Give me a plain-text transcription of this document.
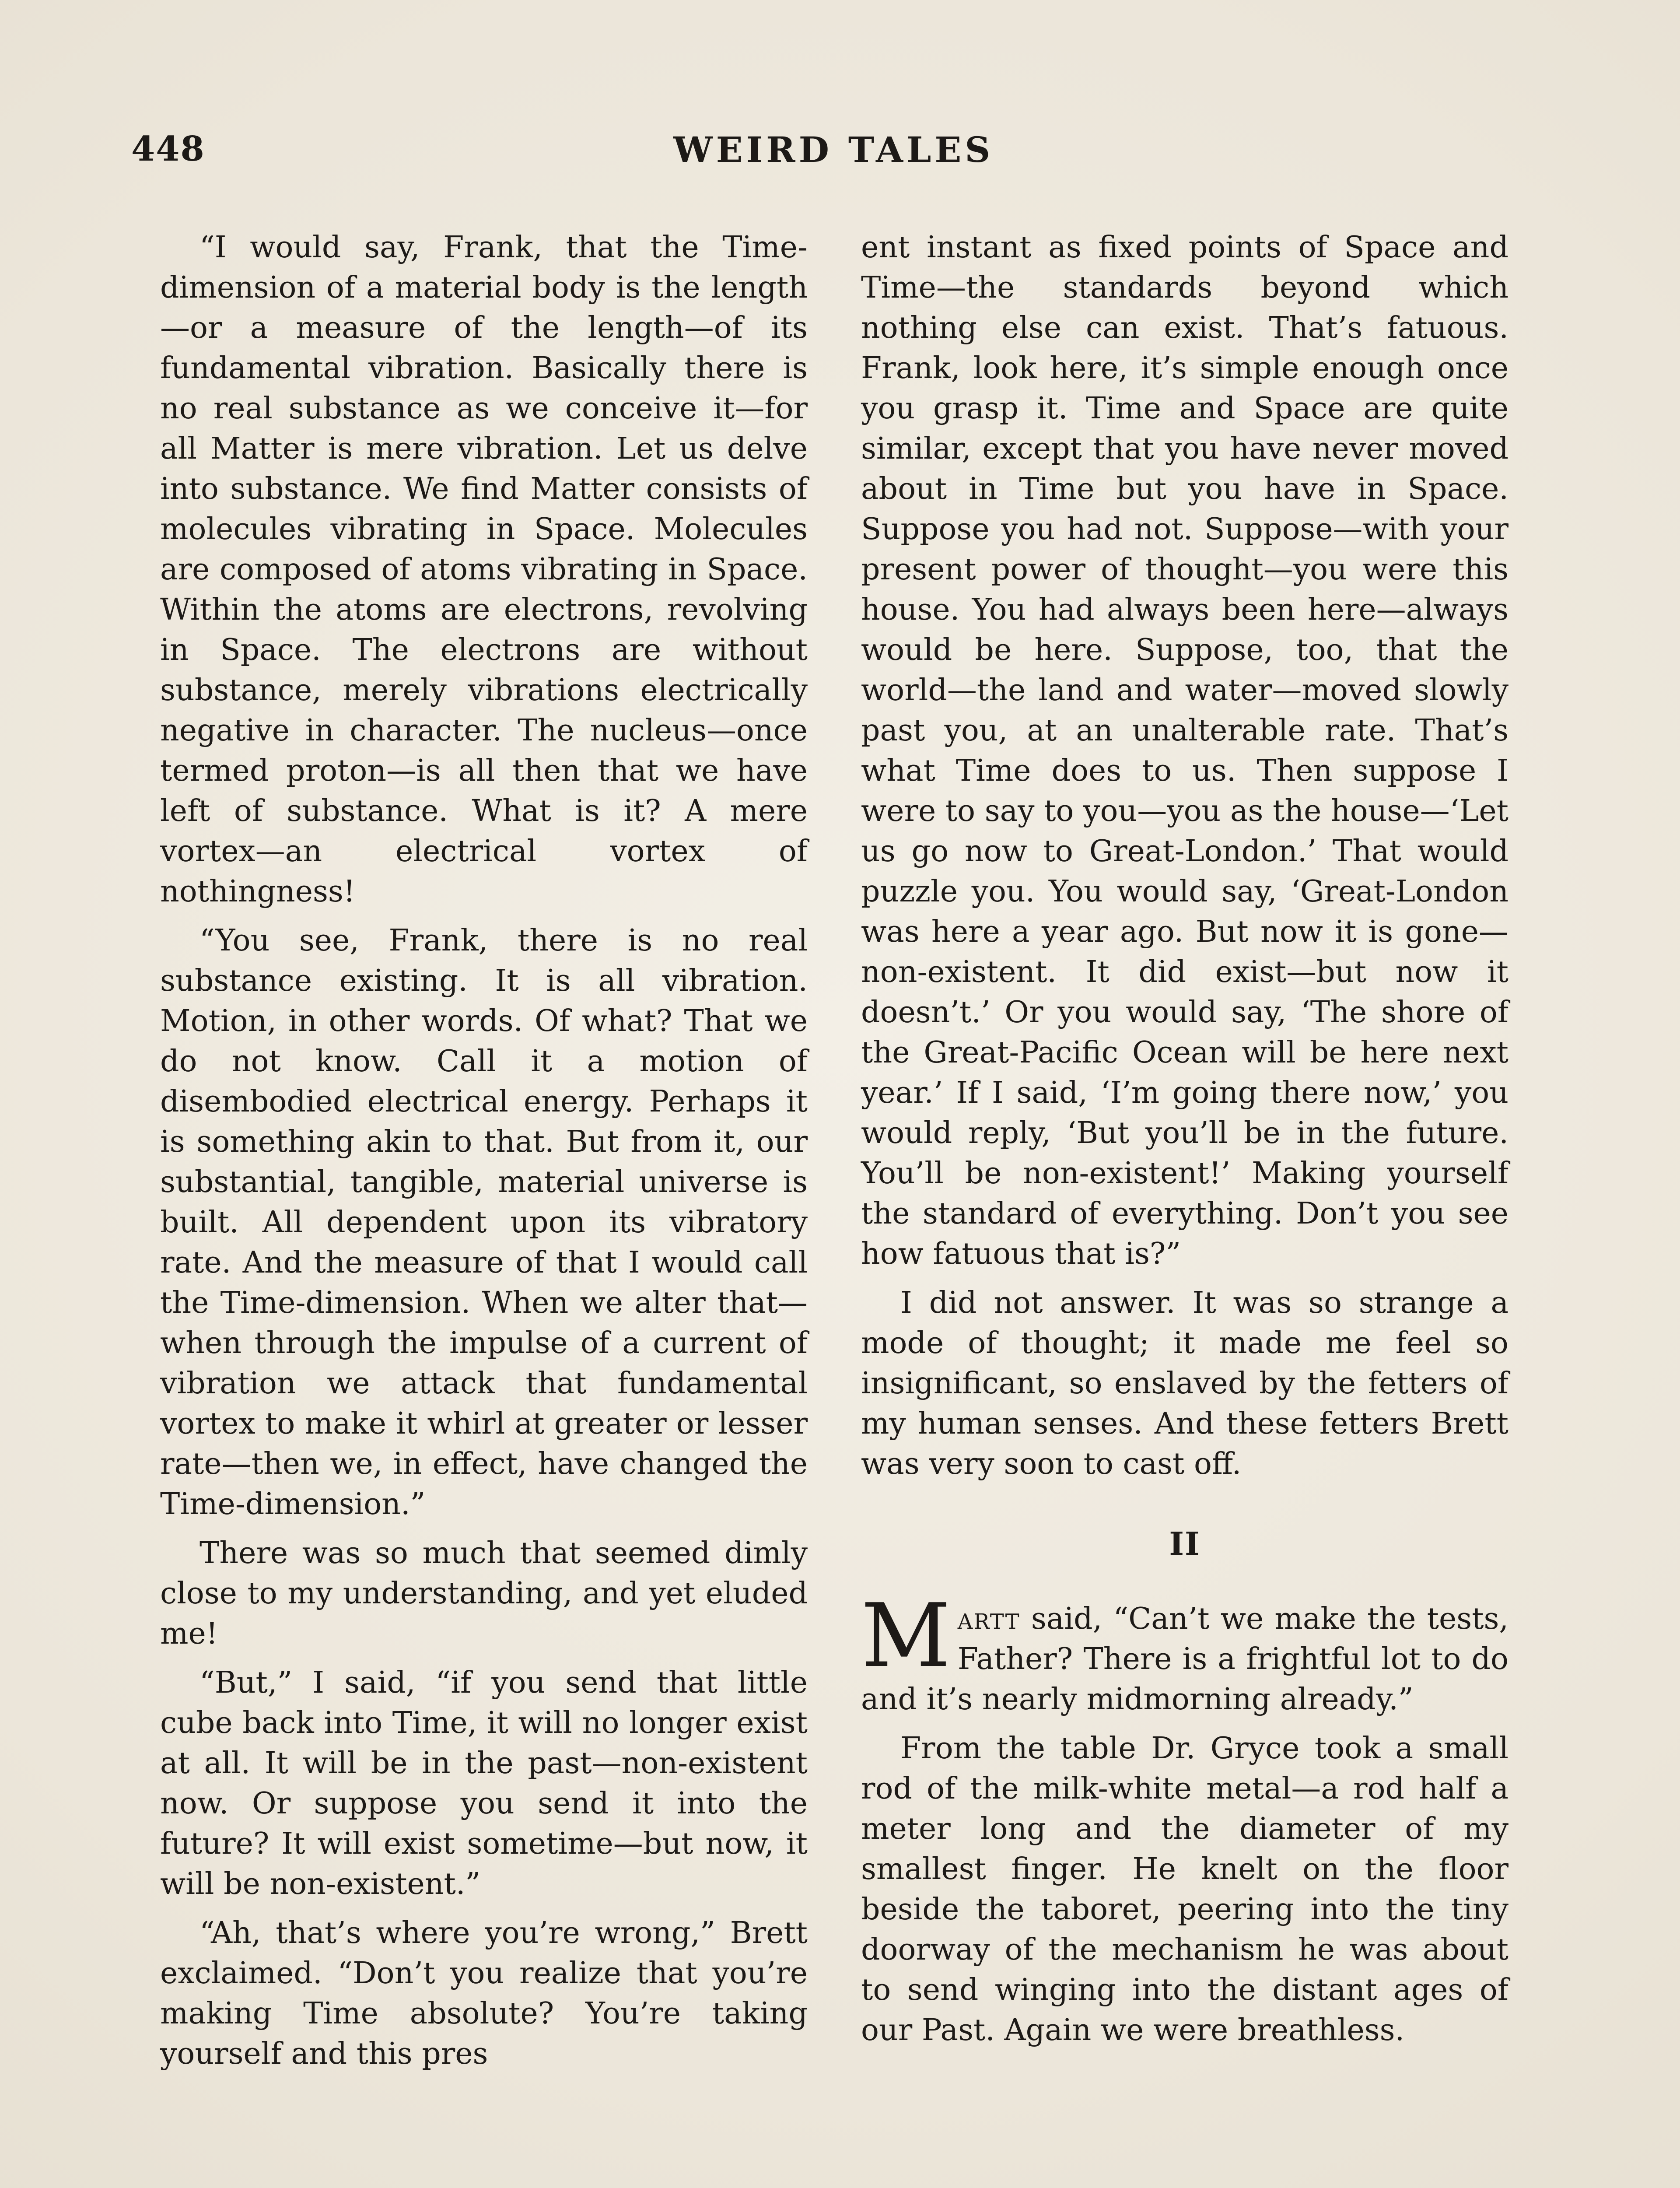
448	WEIRD TALES

“I would say, Frank, that the Time-dimension of a material body is the length—or a measure of the length—of its fundamental vibration. Basically there is no real substance as we conceive it—for all Matter is mere vibration. Let us delve into substance. We find Matter consists of molecules vibrating in Space. Molecules are composed of atoms vibrating in Space. Within the atoms are electrons, revolving in Space. The electrons are without substance, merely vibrations electrically negative in character. The nucleus—once termed proton—is all then that we have left of substance. What is it? A mere vortex—an electrical vortex of nothingness!

“You see, Frank, there is no real substance existing. It is all vibration. Motion, in other words. Of what? That we do not know. Call it a motion of disembodied electrical energy. Perhaps it is something akin to that. But from it, our substantial, tangible, material universe is built. All dependent upon its vibratory rate. And the measure of that I would call the Time-dimension. When we alter that—when through the impulse of a current of vibration we attack that fundamental vortex to make it whirl at greater or lesser rate—then we, in effect, have changed the Time-dimension.”

There was so much that seemed dimly close to my understanding, and yet eluded me!

“But,” I said, “if you send that little cube back into Time, it will no longer exist at all. It will be in the past—non-existent now. Or suppose you send it into the future? It will exist sometime—but now, it will be non-existent.”

“Ah, that’s where you’re wrong,” Brett exclaimed. “Don’t you realize that you’re making Time absolute? You’re taking yourself and this pres

ent instant as fixed points of Space and Time—the standards beyond which nothing else can exist. That’s fatuous. Frank, look here, it’s simple enough once you grasp it. Time and Space are quite similar, except that you have never moved about in Time but you have in Space. Suppose you had not. Suppose—with your present power of thought—you were this house. You had always been here—always would be here. Suppose, too, that the world—the land and water—moved slowly past you, at an unalterable rate. That’s what Time does to us. Then suppose I were to say to you—you as the house—‘Let us go now to Great-London.’ That would puzzle you. You would say, ‘Great-London was here a year ago. But now it is gone—non-existent. It did exist—but now it doesn’t.’ Or you would say, ‘The shore of the Great-Pacific Ocean will be here next year.’ If I said, ‘I’m going there now,’ you would reply, ‘But you’ll be in the future. You’ll be non-existent!’ Making yourself the standard of everything. Don’t you see how fatuous that is?”

I did not answer. It was so strange a mode of thought; it made me feel so insignificant, so enslaved by the fetters of my human senses. And these fetters Brett was very soon to cast off.

II

Martt said, “Can’t we make the tests, Father? There is a frightful lot to do and it’s nearly midmorning already.”

From the table Dr. Gryce took a small rod of the milk-white metal—a rod half a meter long and the diameter of my smallest finger. He knelt on the floor beside the taboret, peering into the tiny doorway of the mechanism he was about to send winging into the distant ages of our Past. Again we were breathless.
